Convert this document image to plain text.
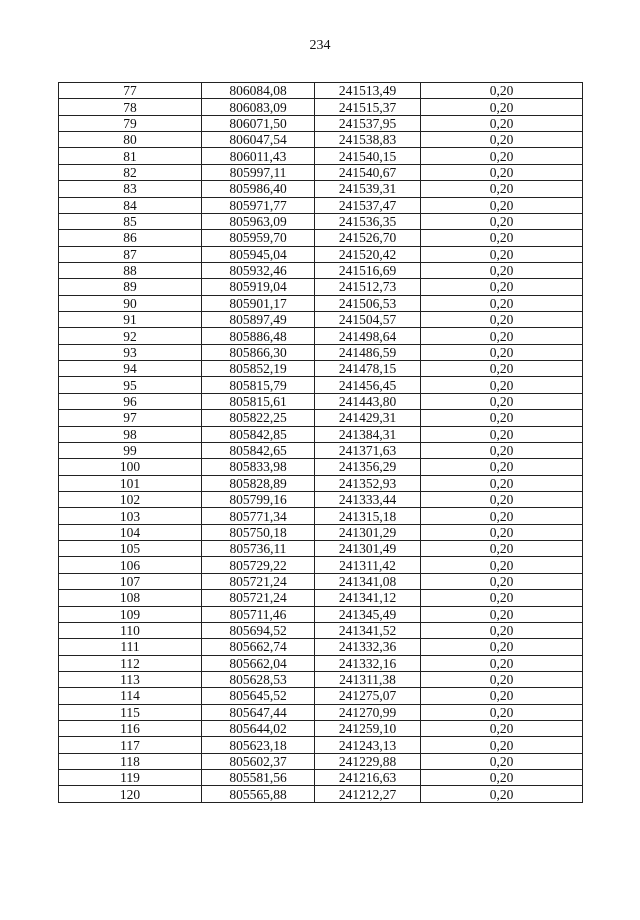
234
77	806084,08	241513,49	0,20
78	806083,09	241515,37	0,20
79	806071,50	241537,95	0,20
80	806047,54	241538,83	0,20
81	806011,43	241540,15	0,20
82	805997,11	241540,67	0,20
83	805986,40	241539,31	0,20
84	805971,77	241537,47	0,20
85	805963,09	241536,35	0,20
86	805959,70	241526,70	0,20
87	805945,04	241520,42	0,20
88	805932,46	241516,69	0,20
89	805919,04	241512,73	0,20
90	805901,17	241506,53	0,20
91	805897,49	241504,57	0,20
92	805886,48	241498,64	0,20
93	805866,30	241486,59	0,20
94	805852,19	241478,15	0,20
95	805815,79	241456,45	0,20
96	805815,61	241443,80	0,20
97	805822,25	241429,31	0,20
98	805842,85	241384,31	0,20
99	805842,65	241371,63	0,20
100	805833,98	241356,29	0,20
101	805828,89	241352,93	0,20
102	805799,16	241333,44	0,20
103	805771,34	241315,18	0,20
104	805750,18	241301,29	0,20
105	805736,11	241301,49	0,20
106	805729,22	241311,42	0,20
107	805721,24	241341,08	0,20
108	805721,24	241341,12	0,20
109	805711,46	241345,49	0,20
110	805694,52	241341,52	0,20
111	805662,74	241332,36	0,20
112	805662,04	241332,16	0,20
113	805628,53	241311,38	0,20
114	805645,52	241275,07	0,20
115	805647,44	241270,99	0,20
116	805644,02	241259,10	0,20
117	805623,18	241243,13	0,20
118	805602,37	241229,88	0,20
119	805581,56	241216,63	0,20
120	805565,88	241212,27	0,20
